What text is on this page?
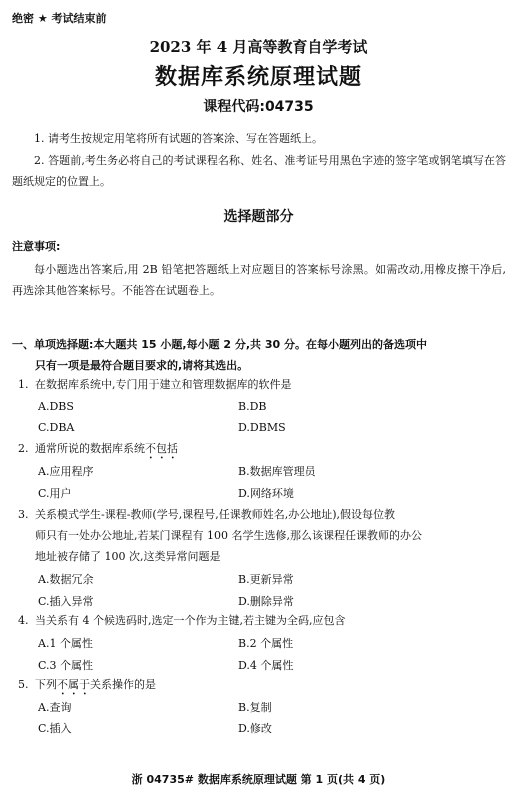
绝密 ★ 考试结束前
2023 年 4 月高等教育自学考试
数据库系统原理试题
课程代码:04735
1. 请考生按规定用笔将所有试题的答案涂、写在答题纸上。
2. 答题前,考生务必将自己的考试课程名称、姓名、准考证号用黑色字迹的签字笔或钢笔填写在答题纸规定的位置上。
选择题部分
注意事项:
每小题选出答案后,用 2B 铅笔把答题纸上对应题目的答案标号涂黑。如需改动,用橡皮擦干净后,再选涂其他答案标号。不能答在试题卷上。
一、单项选择题:本大题共 15 小题,每小题 2 分,共 30 分。在每小题列出的备选项中
只有一项是最符合题目要求的,请将其选出。
1. 在数据库系统中,专门用于建立和管理数据库的软件是
A.DBS	B.DB
C.DBA	D.DBMS
2. 通常所说的数据库系统不包括
A.应用程序	B.数据库管理员
C.用户	D.网络环境
3. 关系模式学生-课程-教师(学号,课程号,任课教师姓名,办公地址),假设每位教
师只有一处办公地址,若某门课程有 100 名学生选修,那么该课程任课教师的办公
地址被存储了 100 次,这类异常问题是
A.数据冗余	B.更新异常
C.插入异常	D.删除异常
4. 当关系有 4 个候选码时,选定一个作为主键,若主键为全码,应包含
A.1 个属性	B.2 个属性
C.3 个属性	D.4 个属性
5. 下列不属于关系操作的是
A.查询	B.复制
C.插入	D.修改
浙 04735# 数据库系统原理试题 第 1 页(共 4 页)
